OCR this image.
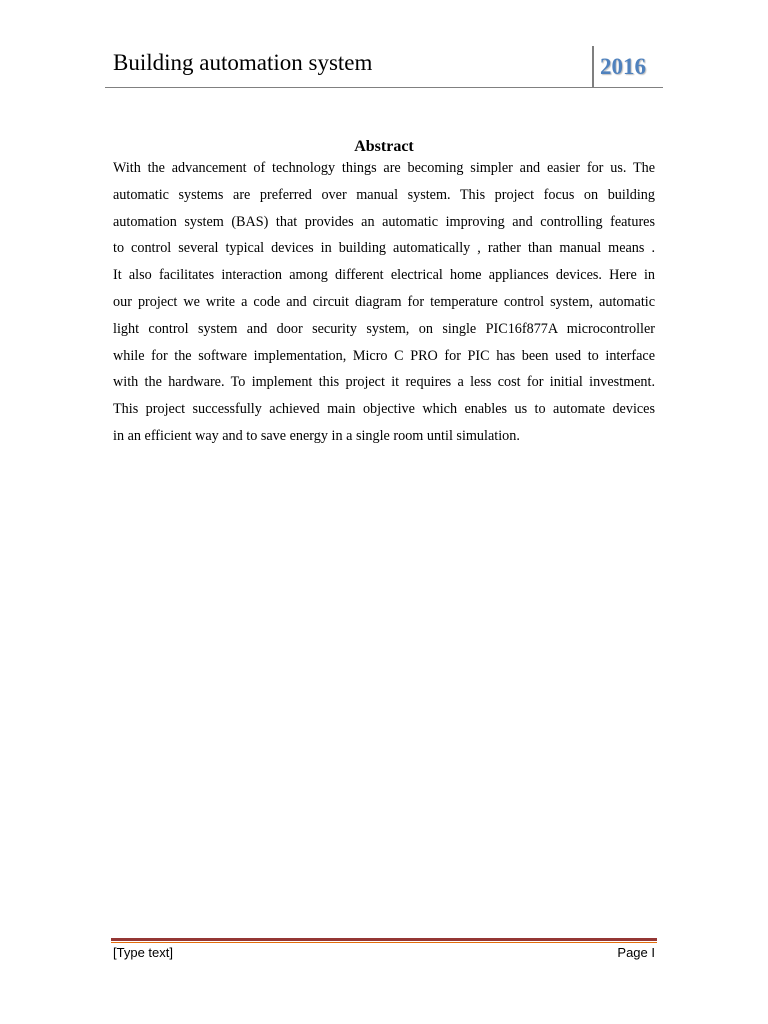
Building automation system	2016
Abstract
With the advancement of technology things are becoming simpler and easier for us. The
automatic systems are preferred over manual system. This project focus on building
automation system (BAS) that provides an automatic improving and controlling features
to control several typical devices in building automatically , rather than manual means .
It also facilitates interaction among different electrical home appliances devices. Here in
our project we write a code and circuit diagram for temperature control system, automatic
light control system and door security system, on single PIC16f877A microcontroller
while for the software implementation, Micro C PRO for PIC has been used to interface
with the hardware. To implement this project it requires a less cost for initial investment.
This project successfully achieved main objective which enables us to automate devices
in an efficient way and to save energy in a single room until simulation.
[Type text]	Page I
